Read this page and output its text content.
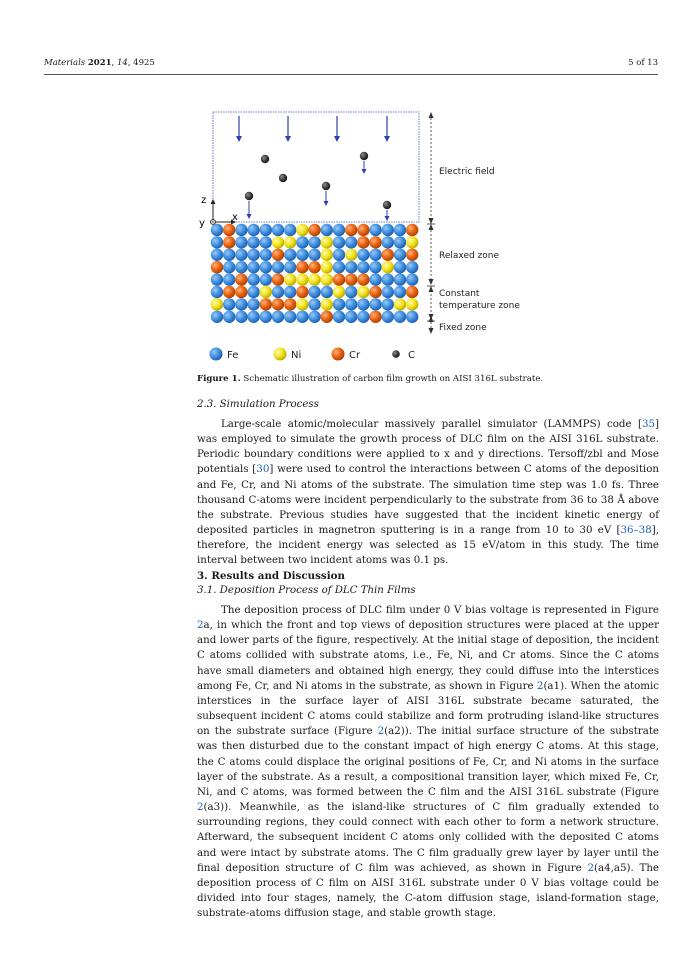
Materials 2021, 14, 4925	5 of 13
z
y
x
Electric field
Relaxed zone
Constant
temperature zone
Fixed zone
Fe	Ni	Cr	C
Figure 1. Schematic illustration of carbon film growth on AISI 316L substrate.
2.3. Simulation Process

Large-scale atomic/molecular massively parallel simulator (LAMMPS) code [35] was employed to simulate the growth process of DLC film on the AISI 316L substrate. Periodic boundary conditions were applied to x and y directions. Tersoff/zbl and Mose potentials [30] were used to control the interactions between C atoms of the deposition and Fe, Cr, and Ni atoms of the substrate. The simulation time step was 1.0 fs. Three thousand C-atoms were incident perpendicularly to the substrate from 36 to 38 Å above the substrate. Previous studies have suggested that the incident kinetic energy of deposited particles in magnetron sputtering is in a range from 10 to 30 eV [36–38], therefore, the incident energy was selected as 15 eV/atom in this study. The time interval between two incident atoms was 0.1 ps.

3. Results and Discussion
3.1. Deposition Process of DLC Thin Films

The deposition process of DLC film under 0 V bias voltage is represented in Figure 2a, in which the front and top views of deposition structures were placed at the upper and lower parts of the figure, respectively. At the initial stage of deposition, the incident C atoms collided with substrate atoms, i.e., Fe, Ni, and Cr atoms. Since the C atoms have small diameters and obtained high energy, they could diffuse into the interstices among Fe, Cr, and Ni atoms in the substrate, as shown in Figure 2(a1). When the atomic interstices in the surface layer of AISI 316L substrate became saturated, the subsequent incident C atoms could stabilize and form protruding island-like structures on the substrate surface (Figure 2(a2)). The initial surface structure of the substrate was then disturbed due to the constant impact of high energy C atoms. At this stage, the C atoms could displace the original positions of Fe, Cr, and Ni atoms in the surface layer of the substrate. As a result, a compositional transition layer, which mixed Fe, Cr, Ni, and C atoms, was formed between the C film and the AISI 316L substrate (Figure 2(a3)). Meanwhile, as the island-like structures of C film gradually extended to surrounding regions, they could connect with each other to form a network structure. Afterward, the subsequent incident C atoms only collided with the deposited C atoms and were intact by substrate atoms. The C film gradually grew layer by layer until the final deposition structure of C film was achieved, as shown in Figure 2(a4,a5). The deposition process of C film on AISI 316L substrate under 0 V bias voltage could be divided into four stages, namely, the C-atom diffusion stage, island-formation stage, substrate-atoms diffusion stage, and stable growth stage.
